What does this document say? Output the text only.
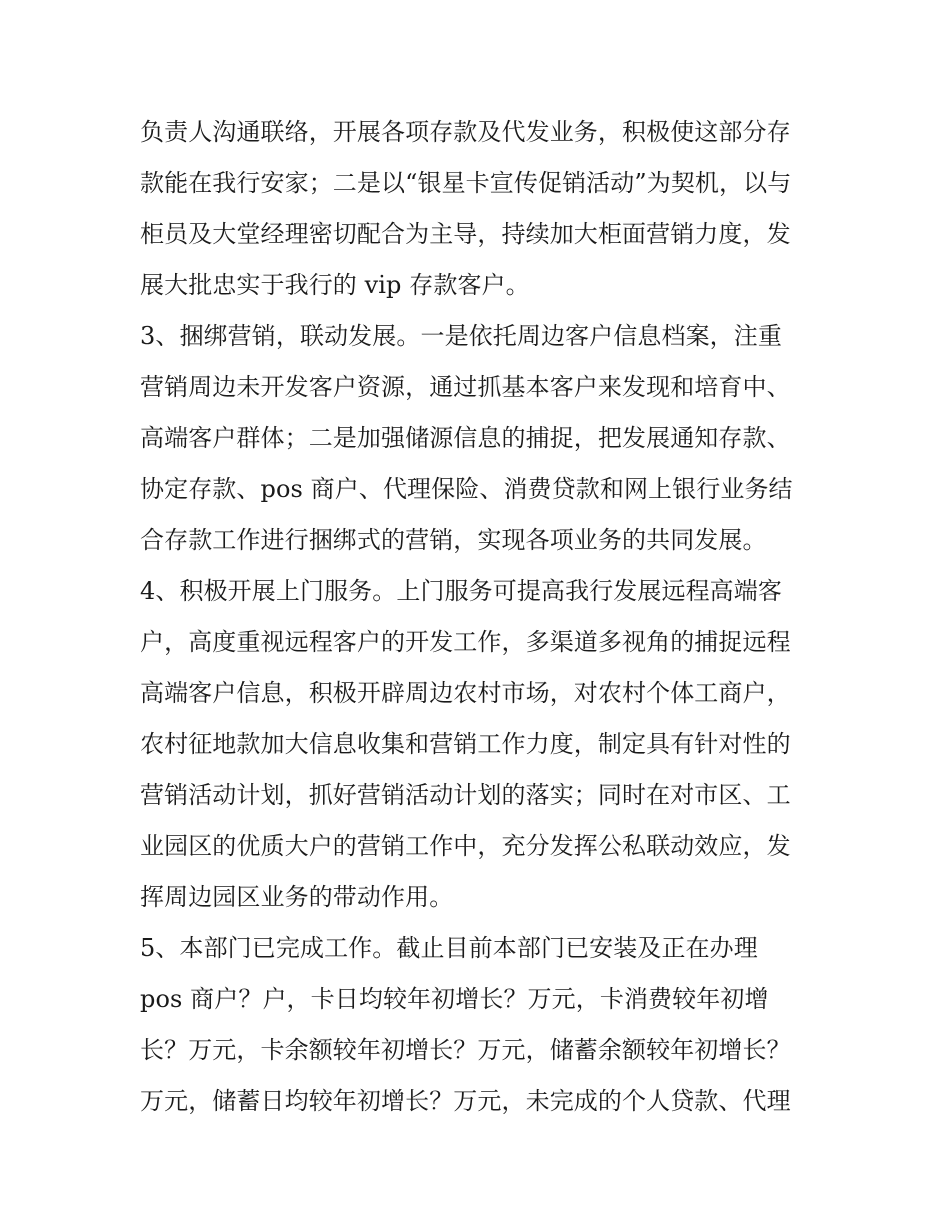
负责人沟通联络，开展各项存款及代发业务，积极使这部分存
款能在我行安家；二是以“银星卡宣传促销活动”为契机，以与
柜员及大堂经理密切配合为主导，持续加大柜面营销力度，发
展大批忠实于我行的 vip 存款客户。
3、捆绑营销，联动发展。一是依托周边客户信息档案，注重
营销周边未开发客户资源，通过抓基本客户来发现和培育中、
高端客户群体；二是加强储源信息的捕捉，把发展通知存款、
协定存款、pos 商户、代理保险、消费贷款和网上银行业务结
合存款工作进行捆绑式的营销，实现各项业务的共同发展。
4、积极开展上门服务。上门服务可提高我行发展远程高端客
户，高度重视远程客户的开发工作，多渠道多视角的捕捉远程
高端客户信息，积极开辟周边农村市场，对农村个体工商户，
农村征地款加大信息收集和营销工作力度，制定具有针对性的
营销活动计划，抓好营销活动计划的落实；同时在对市区、工
业园区的优质大户的营销工作中，充分发挥公私联动效应，发
挥周边园区业务的带动作用。
5、本部门已完成工作。截止目前本部门已安装及正在办理
pos 商户？户，卡日均较年初增长？万元，卡消费较年初增
长？万元，卡余额较年初增长？万元，储蓄余额较年初增长？
万元，储蓄日均较年初增长？万元，未完成的个人贷款、代理
